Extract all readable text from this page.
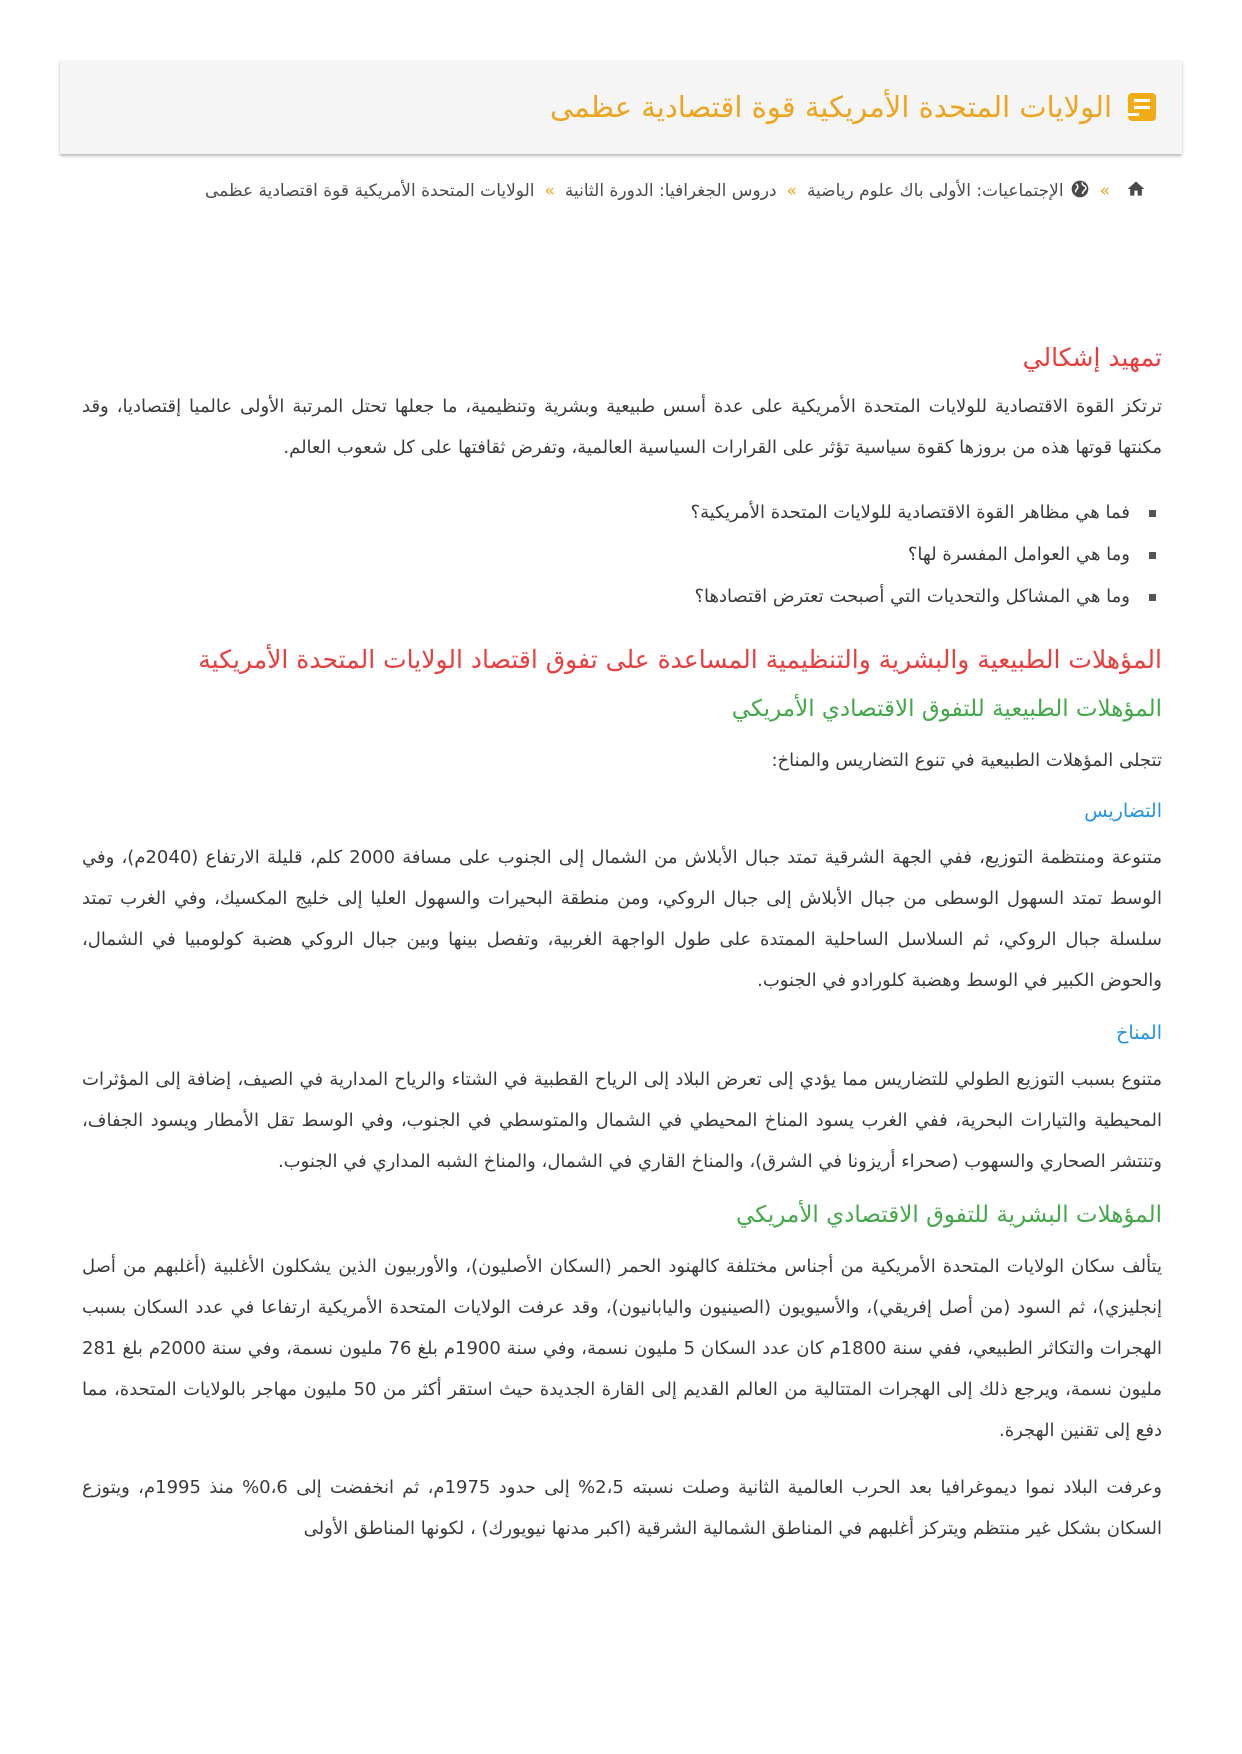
الولايات المتحدة الأمريكية قوة اقتصادية عظمى
»الإجتماعيات: الأولى باك علوم رياضية»دروس الجغرافيا: الدورة الثانية»الولايات المتحدة الأمريكية قوة اقتصادية عظمى
تمهيد إشكالي

ترتكز القوة الاقتصادية للولايات المتحدة الأمريكية على عدة أسس طبيعية وبشرية وتنظيمية، ما جعلها تحتل المرتبة الأولى عالميا إقتصاديا، وقد مكنتها قوتها هذه من بروزها كقوة سياسية تؤثر على القرارات السياسية العالمية، وتفرض ثقافتها على كل شعوب العالم.

فما هي مظاهر القوة الاقتصادية للولايات المتحدة الأمريكية؟
وما هي العوامل المفسرة لها؟
وما هي المشاكل والتحديات التي أصبحت تعترض اقتصادها؟
المؤهلات الطبيعية والبشرية والتنظيمية المساعدة على تفوق اقتصاد الولايات المتحدة الأمريكية
المؤهلات الطبيعية للتفوق الاقتصادي الأمريكي

تتجلى المؤهلات الطبيعية في تنوع التضاريس والمناخ:

التضاريس

متنوعة ومنتظمة التوزيع، ففي الجهة الشرقية تمتد جبال الأبلاش من الشمال إلى الجنوب على مسافة 2000 كلم، قليلة الارتفاع (2040م)، وفي الوسط تمتد السهول الوسطى من جبال الأبلاش إلى جبال الروكي، ومن منطقة البحيرات والسهول العليا إلى خليج المكسيك، وفي الغرب تمتد سلسلة جبال الروكي، ثم السلاسل الساحلية الممتدة على طول الواجهة الغربية، وتفصل بينها وبين جبال الروكي هضبة كولومبيا في الشمال، والحوض الكبير في الوسط وهضبة كلورادو في الجنوب.

المناخ

متنوع بسبب التوزيع الطولي للتضاريس مما يؤدي إلى تعرض البلاد إلى الرياح القطبية في الشتاء والرياح المدارية في الصيف، إضافة إلى المؤثرات المحيطية والتيارات البحرية، ففي الغرب يسود المناخ المحيطي في الشمال والمتوسطي في الجنوب، وفي الوسط تقل الأمطار ويسود الجفاف، وتنتشر الصحاري والسهوب (صحراء أريزونا في الشرق)، والمناخ القاري في الشمال، والمناخ الشبه المداري في الجنوب.

المؤهلات البشرية للتفوق الاقتصادي الأمريكي

يتألف سكان الولايات المتحدة الأمريكية من أجناس مختلفة كالهنود الحمر (السكان الأصليون)، والأوربيون الذين يشكلون الأغلبية (أغلبهم من أصل إنجليزي)، ثم السود (من أصل إفريقي)، والأسيويون (الصينيون واليابانيون)، وقد عرفت الولايات المتحدة الأمريكية ارتفاعا في عدد السكان بسبب الهجرات والتكاثر الطبيعي، ففي سنة 1800م كان عدد السكان 5 مليون نسمة، وفي سنة 1900م بلغ 76 مليون نسمة، وفي سنة 2000م بلغ 281 مليون نسمة، ويرجع ذلك إلى الهجرات المتتالية من العالم القديم إلى القارة الجديدة حيث استقر أكثر من 50 مليون مهاجر بالولايات المتحدة، مما دفع إلى تقنين الهجرة.

وعرفت البلاد نموا ديموغرافيا بعد الحرب العالمية الثانية وصلت نسبته 2،5% إلى حدود 1975م، ثم انخفضت إلى 0،6% منذ 1995م، ويتوزع السكان بشكل غير منتظم ويتركز أغلبهم في المناطق الشمالية الشرقية (اكبر مدنها نيويورك) ، لكونها المناطق الأولى
